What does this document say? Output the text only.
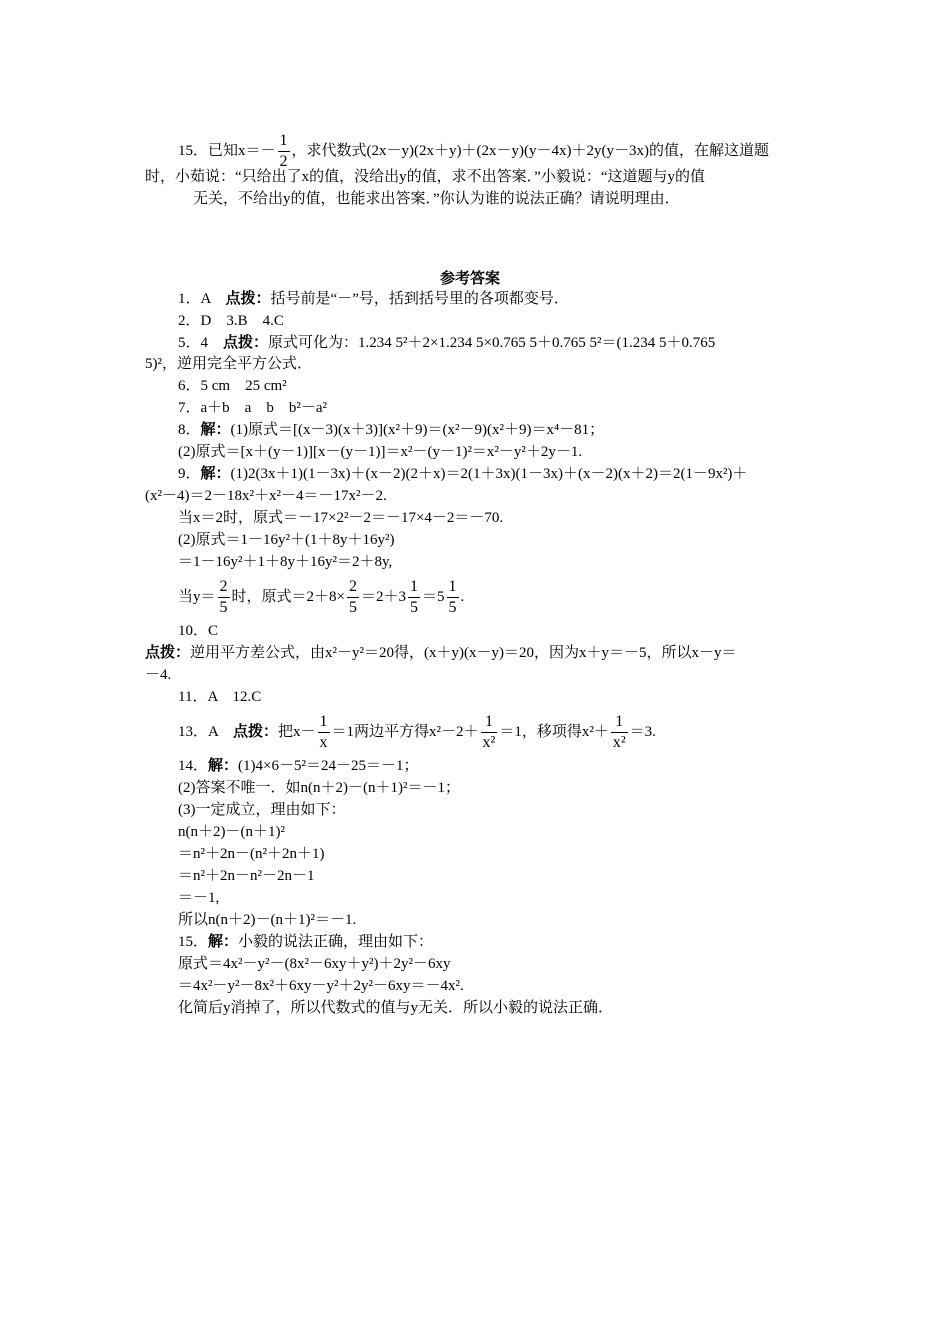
15．已知$x=- \frac{1}{2}$ ，求代数式(2x－y)(2x＋y)＋(2x－y)(y－4x)＋2y(y－3x)的值，在解这道题
时，小茹说：“只给出了x的值，没给出y的值，求不出答案．”小毅说：“这道题与y的值
无关，不给出y的值，也能求出答案．”你认为谁的说法正确？请说明理由．
参考答案
1．A　点拨：括号前是“－”号，括到括号里的各项都变号．
2．D　3.B　4.C
5．4　点拨：原式可化为：1.234 5²＋2×1.234 5×0.765 5＋0.765 5²＝(1.234 5＋0.765
5)²，逆用完全平方公式．
6．5 cm　25 cm²
7．a＋b　a　b　b²－a²
8．解：(1)原式＝[(x－3)(x＋3)](x²＋9)＝(x²－9)(x²＋9)＝x⁴－81；
(2)原式＝[x＋(y－1)][x－(y－1)]＝x²－(y－1)²＝x²－y²＋2y－1.
9．解：(1)2(3x＋1)(1－3x)＋(x－2)(2＋x)＝2(1＋3x)(1－3x)＋(x－2)(x＋2)＝2(1－9x²)＋
(x²－4)＝2－18x²＋x²－4＝－17x²－2.
当x＝2时，原式＝－17×2²－2＝－17×4－2＝－70.
(2)原式＝1－16y²＋(1＋8y＋16y²)
＝1－16y²＋1＋8y＋16y²＝2＋8y,
当$y= \frac{2}{5}$ 时，原式$=2+8\times \frac{2}{5} =2+3 \frac{1}{5} =5 \frac{1}{5}$ .
10．C
点拨：逆用平方差公式，由x²－y²＝20得，(x＋y)(x－y)＝20，因为x＋y＝－5，所以x－y＝
－4.
11．A　12.C
13．A　点拨：把$x- \frac{1}{x} =1$两边平方得$x^2-2+ \frac{1}{\text{x²}} =1$，移项得$x^2+ \frac{1}{\text{x²}} =3$.
14．解：(1)4×6－5²＝24－25＝－1；
(2)答案不唯一．如n(n＋2)－(n＋1)²＝－1；
(3)一定成立，理由如下：
n(n＋2)－(n＋1)²
＝n²＋2n－(n²＋2n＋1)
＝n²＋2n－n²－2n－1
＝－1,
所以n(n＋2)－(n＋1)²＝－1.
15．解：小毅的说法正确，理由如下：
原式＝4x²－y²－(8x²－6xy＋y²)＋2y²－6xy
＝4x²－y²－8x²＋6xy－y²＋2y²－6xy＝－4x².
化简后y消掉了，所以代数式的值与y无关．所以小毅的说法正确．
